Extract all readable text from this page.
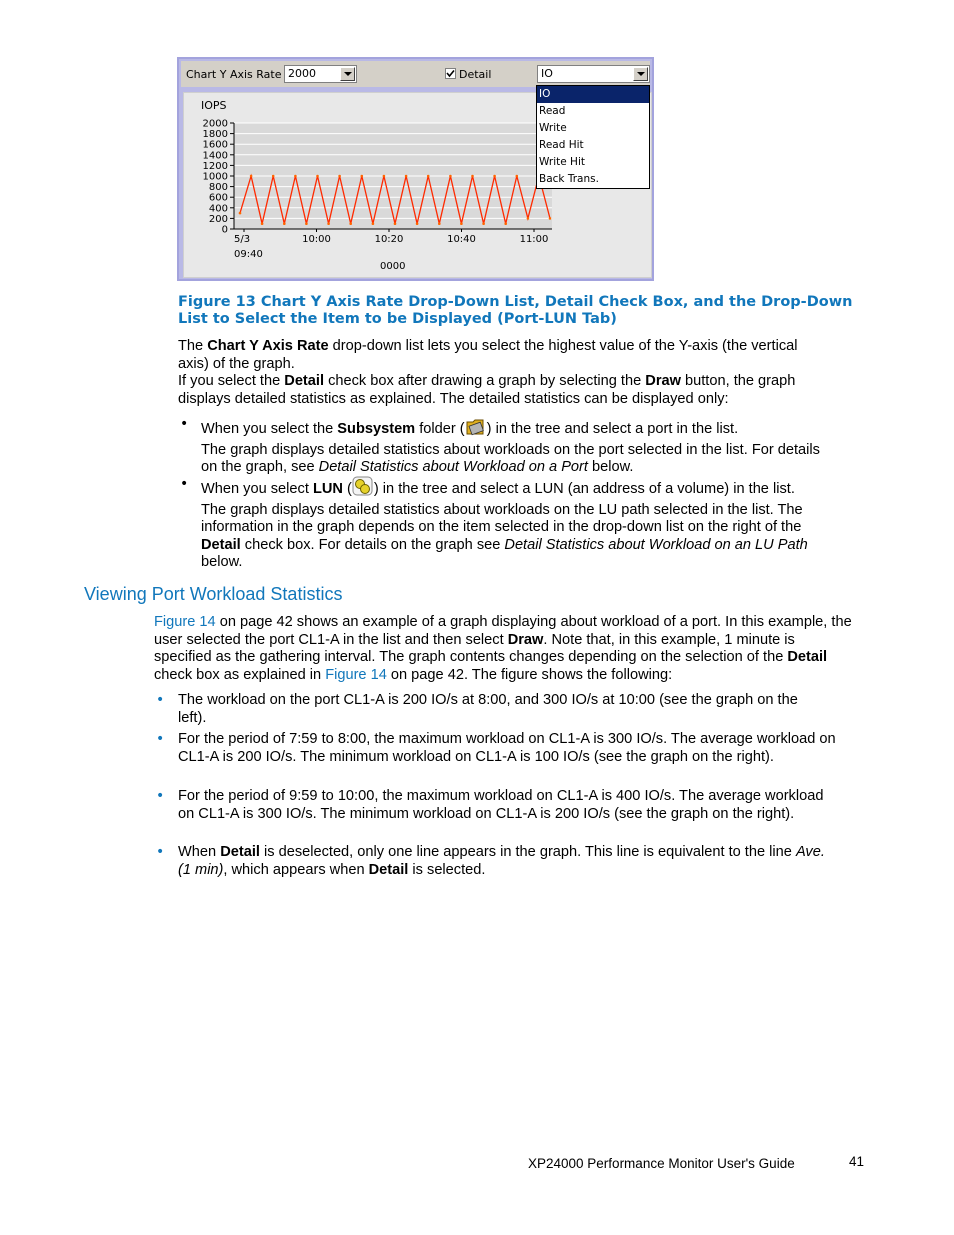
Chart Y Axis Rate 2000	Detail	IO
IOPS
2000
1800
1600
1400
1200
1000
800
600
400
200
0
5/3
09:40
10:00	10:20	10:40	11:00
0000
IO
Read
Write
Read Hit
Write Hit
Back Trans.
Figure 13 Chart Y Axis Rate Drop-Down List, Detail Check Box, and the Drop-Down List to Select the Item to be Displayed (Port-LUN Tab)
The Chart Y Axis Rate drop-down list lets you select the highest value of the Y-axis (the vertical axis) of the graph.
If you select the Detail check box after drawing a graph by selecting the Draw button, the graph displays detailed statistics as explained. The detailed statistics can be displayed only:
• When you select the Subsystem folder ( ) in the tree and select a port in the list.
The graph displays detailed statistics about workloads on the port selected in the list. For details on the graph, see Detail Statistics about Workload on a Port below.
• When you select LUN ( ) in the tree and select a LUN (an address of a volume) in the list.
The graph displays detailed statistics about workloads on the LU path selected in the list. The information in the graph depends on the item selected in the drop-down list on the right of the Detail check box. For details on the graph see Detail Statistics about Workload on an LU Path below.
Viewing Port Workload Statistics
Figure 14 on page 42 shows an example of a graph displaying about workload of a port. In this example, the user selected the port CL1-A in the list and then select Draw. Note that, in this example, 1 minute is specified as the gathering interval. The graph contents changes depending on the selection of the Detail check box as explained in Figure 14 on page 42. The figure shows the following:
• The workload on the port CL1-A is 200 IO/s at 8:00, and 300 IO/s at 10:00 (see the graph on the left).
• For the period of 7:59 to 8:00, the maximum workload on CL1-A is 300 IO/s. The average workload on CL1-A is 200 IO/s. The minimum workload on CL1-A is 100 IO/s (see the graph on the right).
• For the period of 9:59 to 10:00, the maximum workload on CL1-A is 400 IO/s. The average workload on CL1-A is 300 IO/s. The minimum workload on CL1-A is 200 IO/s (see the graph on the right).
• When Detail is deselected, only one line appears in the graph. This line is equivalent to the line Ave. (1 min), which appears when Detail is selected.
XP24000 Performance Monitor User's Guide	41
